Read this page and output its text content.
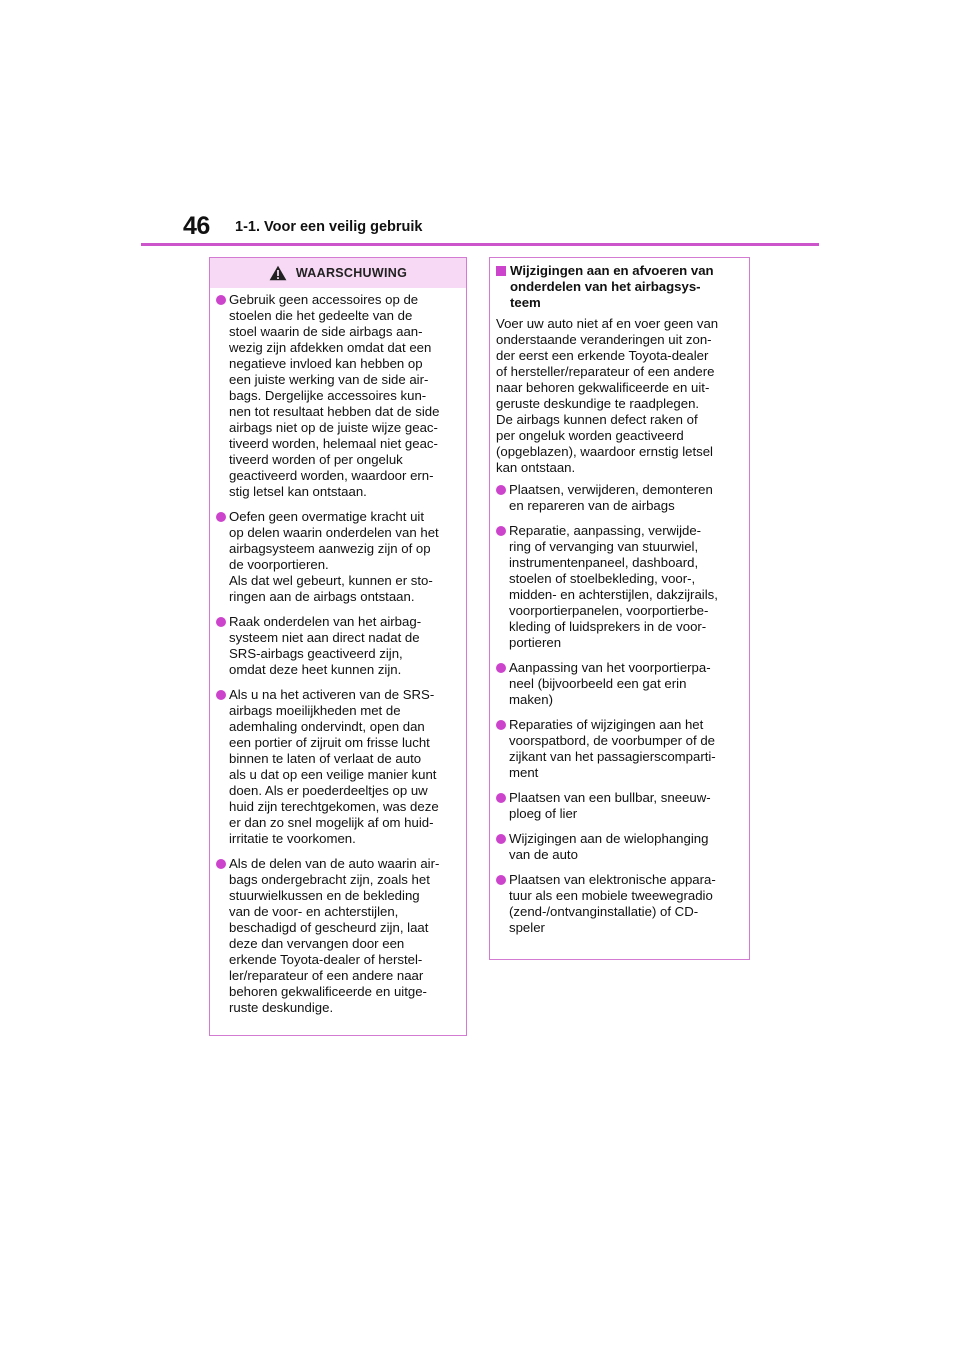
46 1-1. Voor een veilig gebruik
WAARSCHUWING
Gebruik geen accessoires op de
stoelen die het gedeelte van de
stoel waarin de side airbags aan-
wezig zijn afdekken omdat dat een
negatieve invloed kan hebben op
een juiste werking van de side air-
bags. Dergelijke accessoires kun-
nen tot resultaat hebben dat de side
airbags niet op de juiste wijze geac-
tiveerd worden, helemaal niet geac-
tiveerd worden of per ongeluk
geactiveerd worden, waardoor ern-
stig letsel kan ontstaan.
Oefen geen overmatige kracht uit
op delen waarin onderdelen van het
airbagsysteem aanwezig zijn of op
de voorportieren.
Als dat wel gebeurt, kunnen er sto-
ringen aan de airbags ontstaan.
Raak onderdelen van het airbag-
systeem niet aan direct nadat de
SRS-airbags geactiveerd zijn,
omdat deze heet kunnen zijn.
Als u na het activeren van de SRS-
airbags moeilijkheden met de
ademhaling ondervindt, open dan
een portier of zijruit om frisse lucht
binnen te laten of verlaat de auto
als u dat op een veilige manier kunt
doen. Als er poederdeeltjes op uw
huid zijn terechtgekomen, was deze
er dan zo snel mogelijk af om huid-
irritatie te voorkomen.
Als de delen van de auto waarin air-
bags ondergebracht zijn, zoals het
stuurwielkussen en de bekleding
van de voor- en achterstijlen,
beschadigd of gescheurd zijn, laat
deze dan vervangen door een
erkende Toyota-dealer of herstel-
ler/reparateur of een andere naar
behoren gekwalificeerde en uitge-
ruste deskundige.
Wijzigingen aan en afvoeren van
onderdelen van het airbagsys-
teem

Voer uw auto niet af en voer geen van
onderstaande veranderingen uit zon-
der eerst een erkende Toyota-dealer
of hersteller/reparateur of een andere
naar behoren gekwalificeerde en uit-
geruste deskundige te raadplegen.
De airbags kunnen defect raken of
per ongeluk worden geactiveerd
(opgeblazen), waardoor ernstig letsel
kan ontstaan.

Plaatsen, verwijderen, demonteren
en repareren van de airbags
Reparatie, aanpassing, verwijde-
ring of vervanging van stuurwiel,
instrumentenpaneel, dashboard,
stoelen of stoelbekleding, voor-,
midden- en achterstijlen, dakzijrails,
voorportierpanelen, voorportierbe-
kleding of luidsprekers in de voor-
portieren
Aanpassing van het voorportierpa-
neel (bijvoorbeeld een gat erin
maken)
Reparaties of wijzigingen aan het
voorspatbord, de voorbumper of de
zijkant van het passagierscomparti-
ment
Plaatsen van een bullbar, sneeuw-
ploeg of lier
Wijzigingen aan de wielophanging
van de auto
Plaatsen van elektronische appara-
tuur als een mobiele tweewegradio
(zend-/ontvanginstallatie) of CD-
speler
